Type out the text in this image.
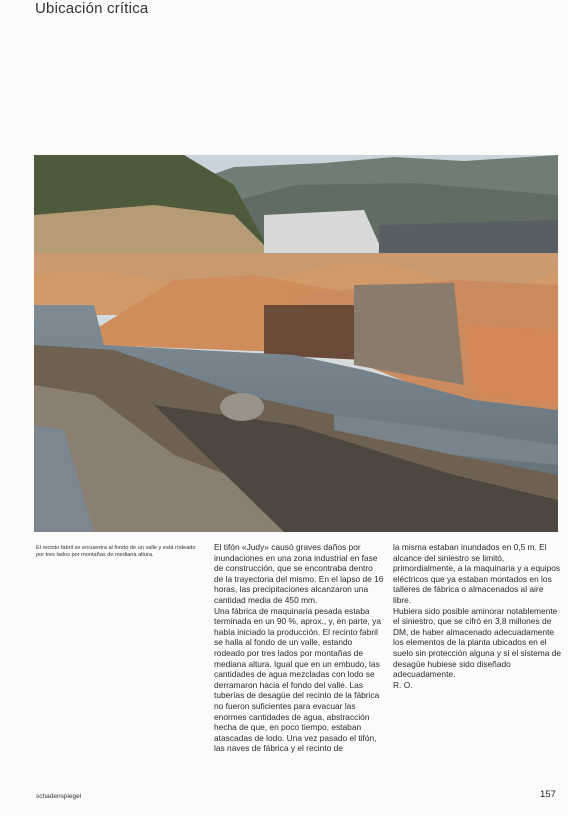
Ubicación crítica
El recinto fabril se encuentra al fondo de un valle y está rodeado por tres lados por montañas de mediana altura.

El tifón «Judy» causó graves daños por inundaciones en una zona industrial en fase de construcción, que se encontraba dentro de la trayectoria del mismo. En el lapso de 16 horas, las precipitaciones alcanzaron una cantidad media de 450 mm.

Una fábrica de maquinaria pesada estaba terminada en un 90 %, aprox., y, en parte, ya había iniciado la producción. El recinto fabril se halla al fondo de un valle, estando rodeado por tres lados por montañas de mediana altura. Igual que en un embudo, las cantidades de agua mezcladas con lodo se derramaron hacia el fondo del valle. Las tuberías de desagüe del recinto de la fábrica no fueron suficientes para evacuar las enormes cantidades de agua, abstracción hecha de que, en poco tiempo, estaban atascadas de lodo. Una vez pasado el tifón, las naves de fábrica y el recinto de

la misma estaban inundados en 0,5 m. El alcance del siniestro se limitó, primordialmente, a la maquinaria y a equipos eléctricos que ya estaban montados en los talleres de fábrica o almacenados al aire libre.

Hubiera sido posible aminorar notablemente el siniestro, que se cifró en 3,8 millones de DM, de haber almacenado adecuadamente los elementos de la planta ubicados en el suelo sin protección alguna y si el sistema de desagüe hubiese sido diseñado adecuadamente.

R. O.

schadenspiegel	157
